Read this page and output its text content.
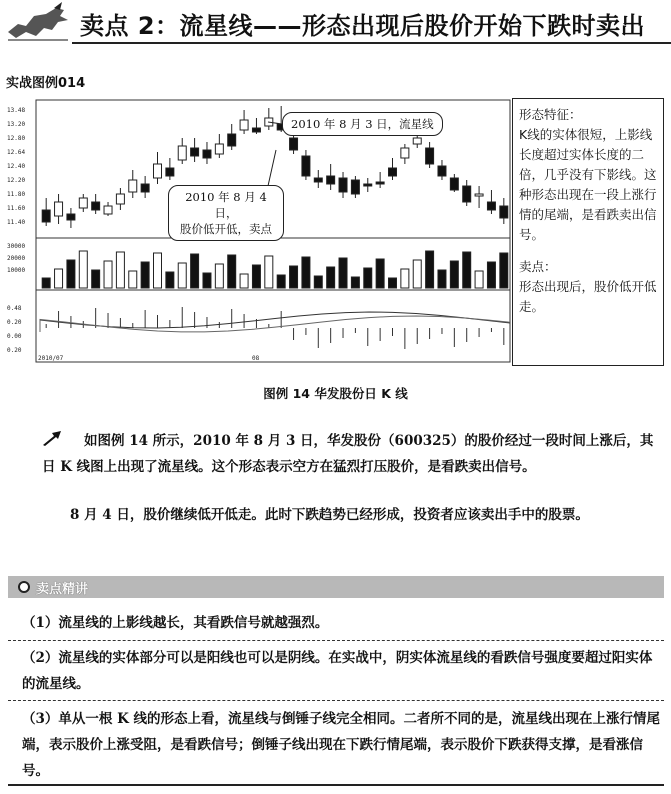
卖点 2：流星线——形态出现后股价开始下跌时卖出
实战图例014
13.48
13.20
12.80
12.64
12.40
12.20
11.80
11.60
11.40
30000
20000
10000
0.48
0.20
0.00
0.20
2010/07	08
2010 年 8 月 3 日，流星线
2010 年 8 月 4 日，
股价低开低，卖点
形态特征：
K线的实体很短，上影线长度超过实体长度的二倍，几乎没有下影线。这种形态出现在一段上涨行情的尾端，是看跌卖出信号。
卖点：
形态出现后，股价低开低走。
图例 14 华发股份日 K 线
如图例 14 所示，2010 年 8 月 3 日，华发股份（600325）的股价经过一段时间上涨后，其日 K 线图上出现了流星线。这个形态表示空方在猛烈打压股价，是看跌卖出信号。
8 月 4 日，股价继续低开低走。此时下跌趋势已经形成，投资者应该卖出手中的股票。
卖点精讲
（1）流星线的上影线越长，其看跌信号就越强烈。
（2）流星线的实体部分可以是阳线也可以是阴线。在实战中，阴实体流星线的看跌信号强度要超过阳实体的流星线。
（3）单从一根 K 线的形态上看，流星线与倒锤子线完全相同。二者所不同的是，流星线出现在上涨行情尾端，表示股价上涨受阻，是看跌信号；倒锤子线出现在下跌行情尾端，表示股价下跌获得支撑，是看涨信号。
